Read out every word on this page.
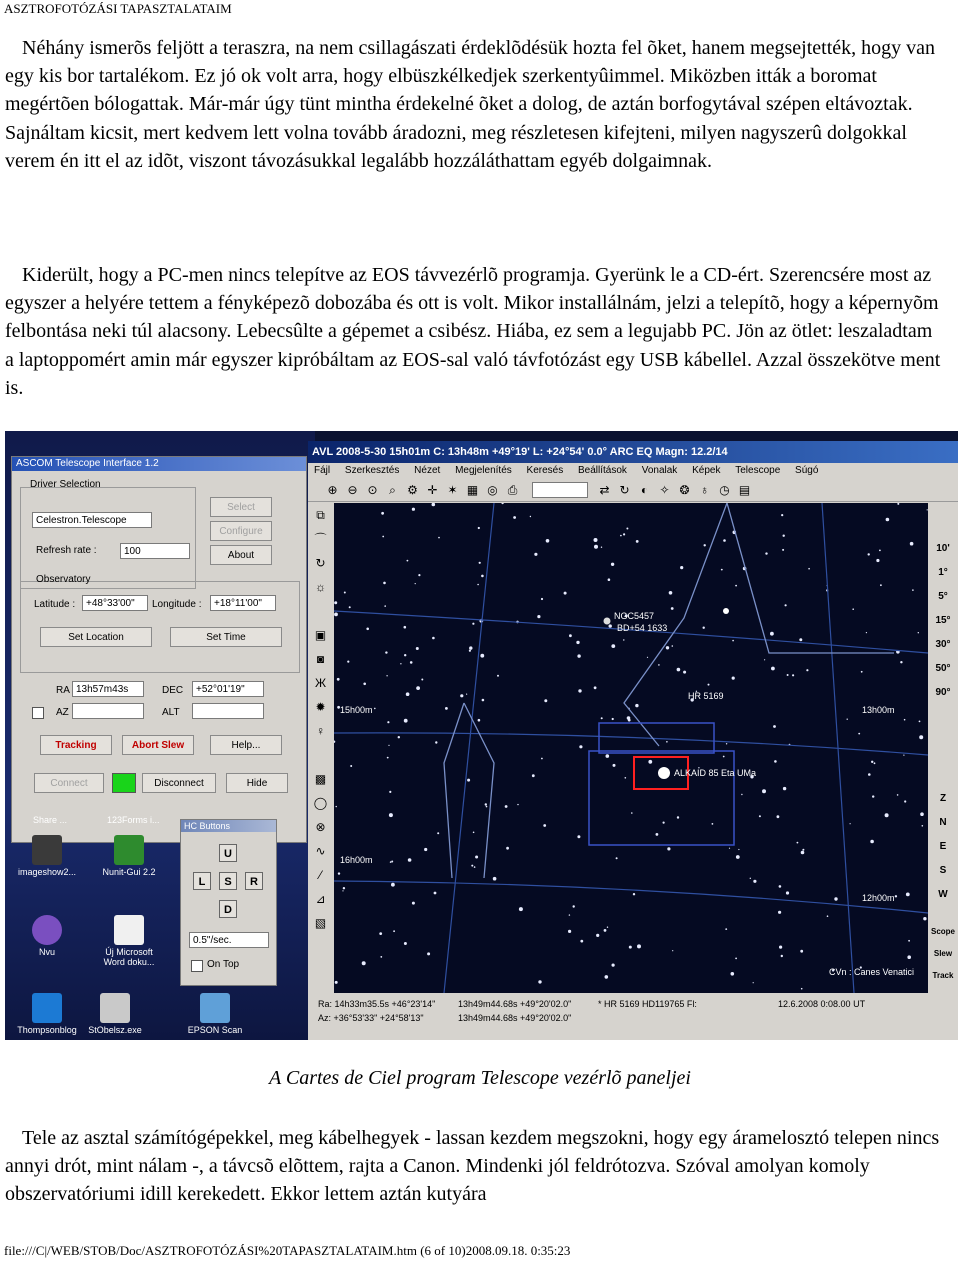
ASZTROFOTÓZÁSI TAPASZTALATAIM
Néhány ismerõs feljött a teraszra, na nem csillagászati érdeklõdésük hozta fel õket, hanem megsejtették, hogy van egy kis bor tartalékom. Ez jó ok volt arra, hogy elbüszkélkedjek szerkentyûimmel. Miközben itták a boromat megértõen bólogattak. Már-már úgy tünt mintha érdekelné õket a dolog, de aztán borfogytával szépen eltávoztak. Sajnáltam kicsit, mert kedvem lett volna tovább áradozni, meg részletesen kifejteni, milyen nagyszerû dolgokkal verem én itt el az idõt, viszont távozásukkal legalább hozzáláthattam egyéb dolgaimnak.
Kiderült, hogy a PC-men nincs telepítve az EOS távvezérlõ programja. Gyerünk le a CD-ért. Szerencsére most az egyszer a helyére tettem a fényképezõ dobozába és ott is volt. Mikor installálnám, jelzi a telepítõ, hogy a képernyõm felbontása neki túl alacsony. Lebecsûlte a gépemet a csibész. Hiába, ez sem a legujabb PC. Jön az ötlet: leszaladtam a laptoppomért amin már egyszer kipróbáltam az EOS-sal való távfotózást egy USB kábellel. Azzal összekötve ment is.
ASCOM Telescope Interface 1.2
Driver Selection
Celestron.Telescope
Select
Configure
About
Refresh rate :	100
Observatory
Latitude :	+48°33'00"	Longitude :	+18°11'00"
Set Location	Set Time
RA 13h57m43s	DEC	+52°01'19"
AZ	ALT
Tracking	Abort Slew	Help...
Connect	Disconnect	Hide
Share ...	123Forms i...
imageshow2...	Nunit-Gui 2.2
Nvu	Új Microsoft Word doku...
Thompsonblog	StObelsz.exe	EPSON Scan
HC Buttons
U
L	S	R
D
0.5"/sec.
On Top
AVL 2008-5-30 15h01m C: 13h48m +49°19' L: +24°54' 0.0° ARC EQ Magn: 12.2/14
Fájl Szerkesztés Nézet Megjelenítés Keresés Beállítások Vonalak Képek Telescope Súgó
⊕ ⊖ ⊙ ⌕ ⚙ ✛ ✶ ▦ ◎ ⎙	⇄ ↻ ◐ ✧ ❂ ♁ ◷ ▤
⧉
⌒
↻
☼
▣
◙
Ж
✹
♀
▩
◯
⊗
∿
⁄
⊿
▧
NGC5457
BD+54 1633
HR 5169
ALKAID 85 Eta UMa
CVn : Canes Venatici
15h00m	13h00m
16h00m
12h00m
10'
1°
5°
15°
30°
50°
90°
Z
N
E
S
W
Scope
Slew
Track
Ra: 14h33m35.5s +46°23'14"
Az: +36°53'33" +24°58'13"
13h49m44.68s +49°20'02.0"
13h49m44.68s +49°20'02.0"
* HR 5169 HD119765 Fl:	12.6.2008 0:08.00 UT
A Cartes de Ciel program Telescope vezérlõ paneljei
Tele az asztal számítógépekkel, meg kábelhegyek - lassan kezdem megszokni, hogy egy áramelosztó telepen nincs annyi drót, mint nálam -, a távcsõ elõttem, rajta a Canon. Mindenki jól feldrótozva. Szóval amolyan komoly obszervatóriumi idill kerekedett. Ekkor lettem aztán kutyára
file:///C|/WEB/STOB/Doc/ASZTROFOTÓZÁSI%20TAPASZTALATAIM.htm (6 of 10)2008.09.18. 0:35:23
